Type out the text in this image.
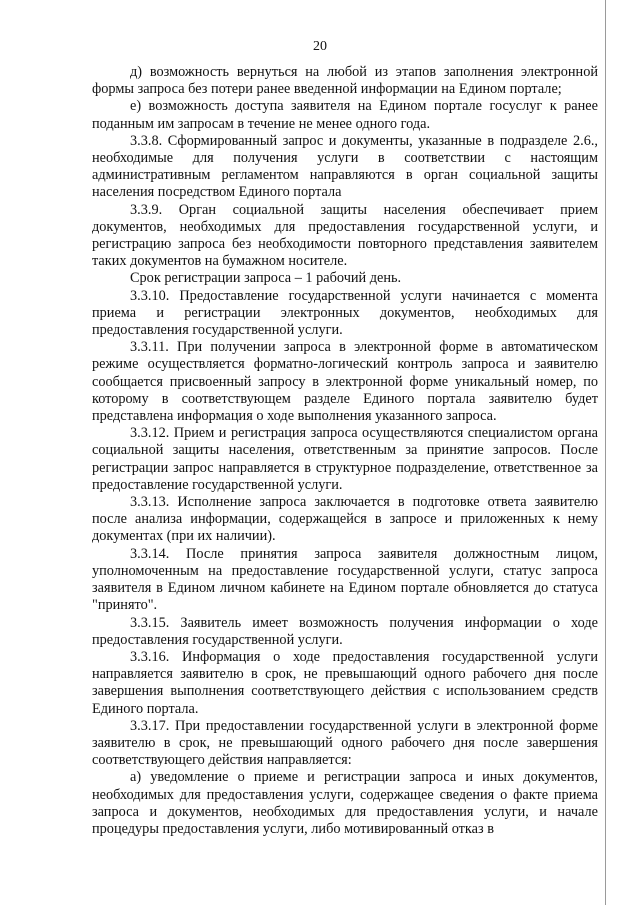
20

д) возможность вернуться на любой из этапов заполнения электронной формы запроса без потери ранее введенной информации на Едином портале;

е) возможность доступа заявителя на Едином портале госуслуг к ранее поданным им запросам в течение не менее одного года.

3.3.8. Сформированный запрос и документы, указанные в подразделе 2.6., необходимые для получения услуги в соответствии с настоящим административным регламентом направляются в орган социальной защиты населения посредством Единого портала

3.3.9. Орган социальной защиты населения обеспечивает прием документов, необходимых для предоставления государственной услуги, и регистрацию запроса без необходимости повторного представления заявителем таких документов на бумажном носителе.

Срок регистрации запроса – 1 рабочий день.

3.3.10. Предоставление государственной услуги начинается с момента приема и регистрации электронных документов, необходимых для предоставления государственной услуги.

3.3.11. При получении запроса в электронной форме в автоматическом режиме осуществляется форматно-логический контроль запроса и заявителю сообщается присвоенный запросу в электронной форме уникальный номер, по которому в соответствующем разделе Единого портала заявителю будет представлена информация о ходе выполнения указанного запроса.

3.3.12. Прием и регистрация запроса осуществляются специалистом органа социальной защиты населения, ответственным за принятие запросов. После регистрации запрос направляется в структурное подразделение, ответственное за предоставление государственной услуги.

3.3.13. Исполнение запроса заключается в подготовке ответа заявителю после анализа информации, содержащейся в запросе и приложенных к нему документах (при их наличии).

3.3.14. После принятия запроса заявителя должностным лицом, уполномоченным на предоставление государственной услуги, статус запроса заявителя в Едином личном кабинете на Едином портале обновляется до статуса "принято".

3.3.15. Заявитель имеет возможность получения информации о ходе предоставления государственной услуги.

3.3.16. Информация о ходе предоставления государственной услуги направляется заявителю в срок, не превышающий одного рабочего дня после завершения выполнения соответствующего действия с использованием средств Единого портала.

3.3.17. При предоставлении государственной услуги в электронной форме заявителю в срок, не превышающий одного рабочего дня после завершения соответствующего действия направляется:

а) уведомление о приеме и регистрации запроса и иных документов, необходимых для предоставления услуги, содержащее сведения о факте приема запроса и документов, необходимых для предоставления услуги, и начале процедуры предоставления услуги, либо мотивированный отказ в
